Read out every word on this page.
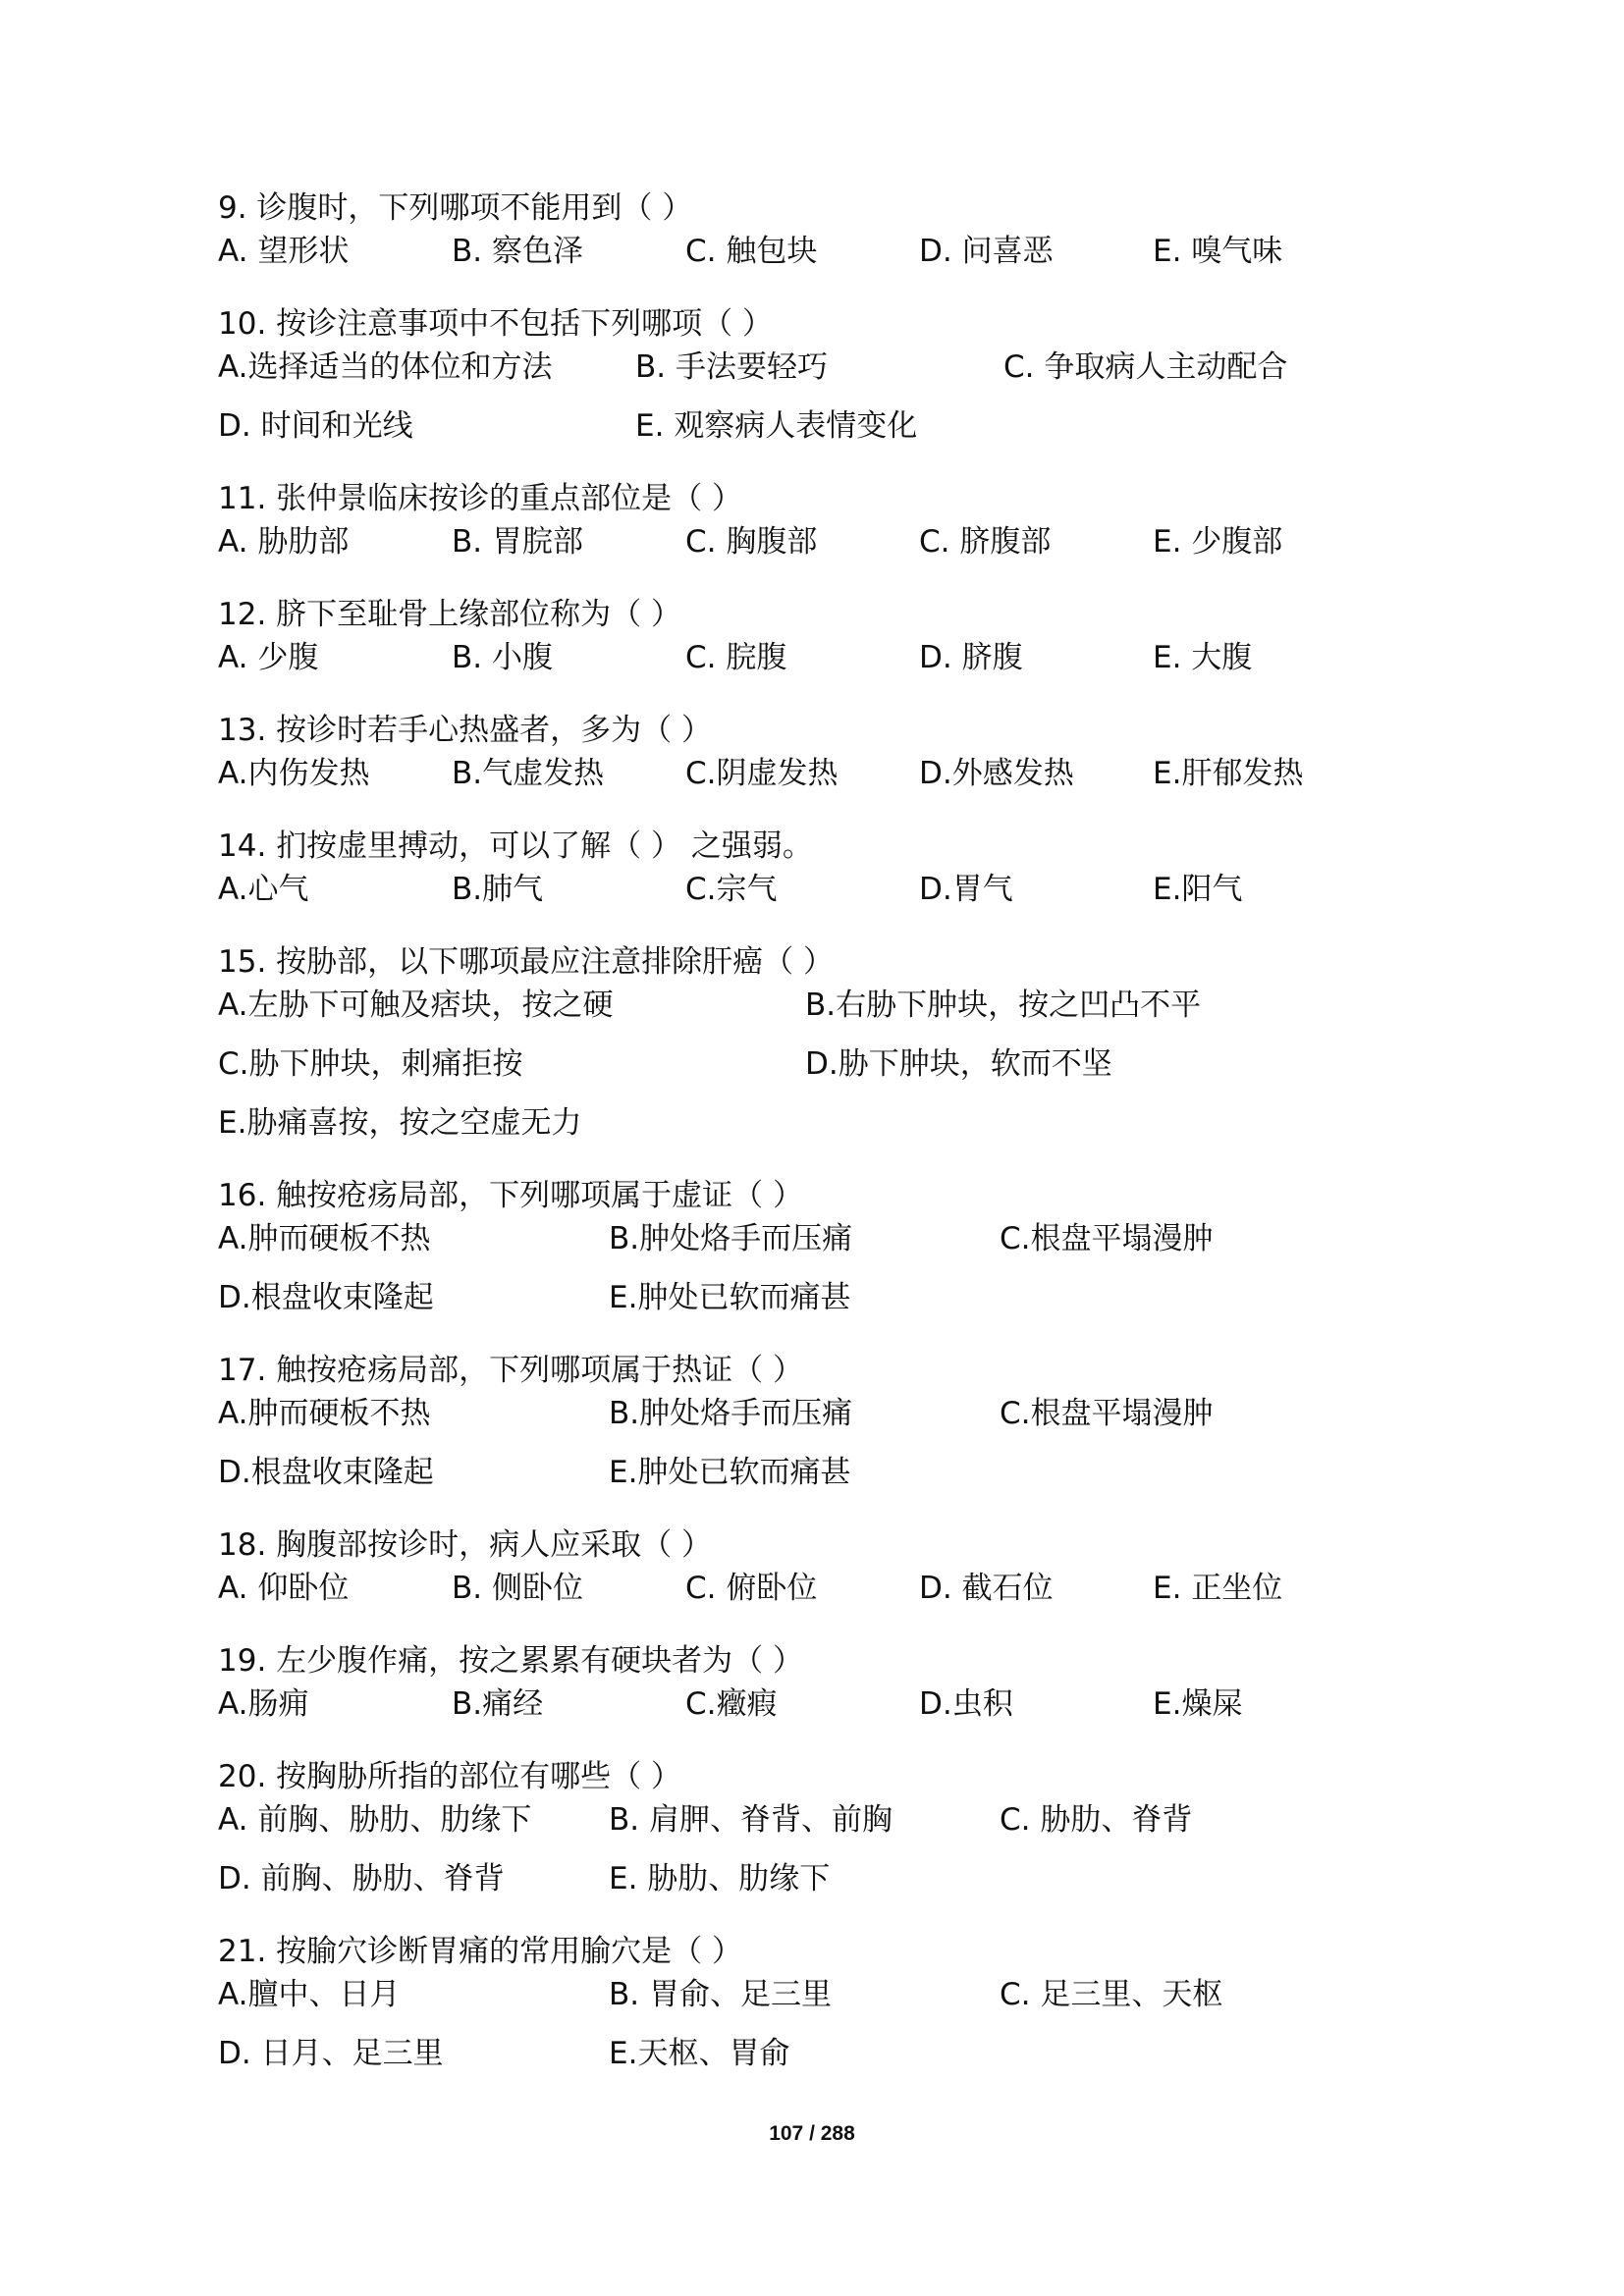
9. 诊腹时，下列哪项不能用到（ ）
A. 望形状	B. 察色泽	C. 触包块	D. 问喜恶	E. 嗅气味
10. 按诊注意事项中不包括下列哪项（ ）
A.选择适当的体位和方法	B. 手法要轻巧	C. 争取病人主动配合
D. 时间和光线	E. 观察病人表情变化
11. 张仲景临床按诊的重点部位是（ ）
A. 胁肋部	B. 胃脘部	C. 胸腹部	C. 脐腹部	E. 少腹部
12. 脐下至耻骨上缘部位称为（ ）
A. 少腹	B. 小腹	C. 脘腹	D. 脐腹	E. 大腹
13. 按诊时若手心热盛者，多为（ ）
A.内伤发热	B.气虚发热	C.阴虚发热	D.外感发热	E.肝郁发热
14. 扪按虚里搏动，可以了解（ ） 之强弱。
A.心气	B.肺气	C.宗气	D.胃气	E.阳气
15. 按胁部，以下哪项最应注意排除肝癌（ ）
A.左胁下可触及痞块，按之硬	B.右胁下肿块，按之凹凸不平
C.胁下肿块，刺痛拒按	D.胁下肿块，软而不坚
E.胁痛喜按，按之空虚无力
16. 触按疮疡局部，下列哪项属于虚证（ ）
A.肿而硬板不热	B.肿处烙手而压痛	C.根盘平塌漫肿
D.根盘收束隆起	E.肿处已软而痛甚
17. 触按疮疡局部，下列哪项属于热证（ ）
A.肿而硬板不热	B.肿处烙手而压痛	C.根盘平塌漫肿
D.根盘收束隆起	E.肿处已软而痛甚
18. 胸腹部按诊时，病人应采取（ ）
A. 仰卧位	B. 侧卧位	C. 俯卧位	D. 截石位	E. 正坐位
19. 左少腹作痛，按之累累有硬块者为（ ）
A.肠痈	B.痛经	C.癥瘕	D.虫积	E.燥屎
20. 按胸胁所指的部位有哪些（ ）
A. 前胸、胁肋、肋缘下	B. 肩胛、脊背、前胸	C. 胁肋、脊背
D. 前胸、胁肋、脊背	E. 胁肋、肋缘下
21. 按腧穴诊断胃痛的常用腧穴是（ ）
A.膻中、日月	B. 胃俞、足三里	C. 足三里、天枢
D. 日月、足三里	E.天枢、胃俞
107 / 288
